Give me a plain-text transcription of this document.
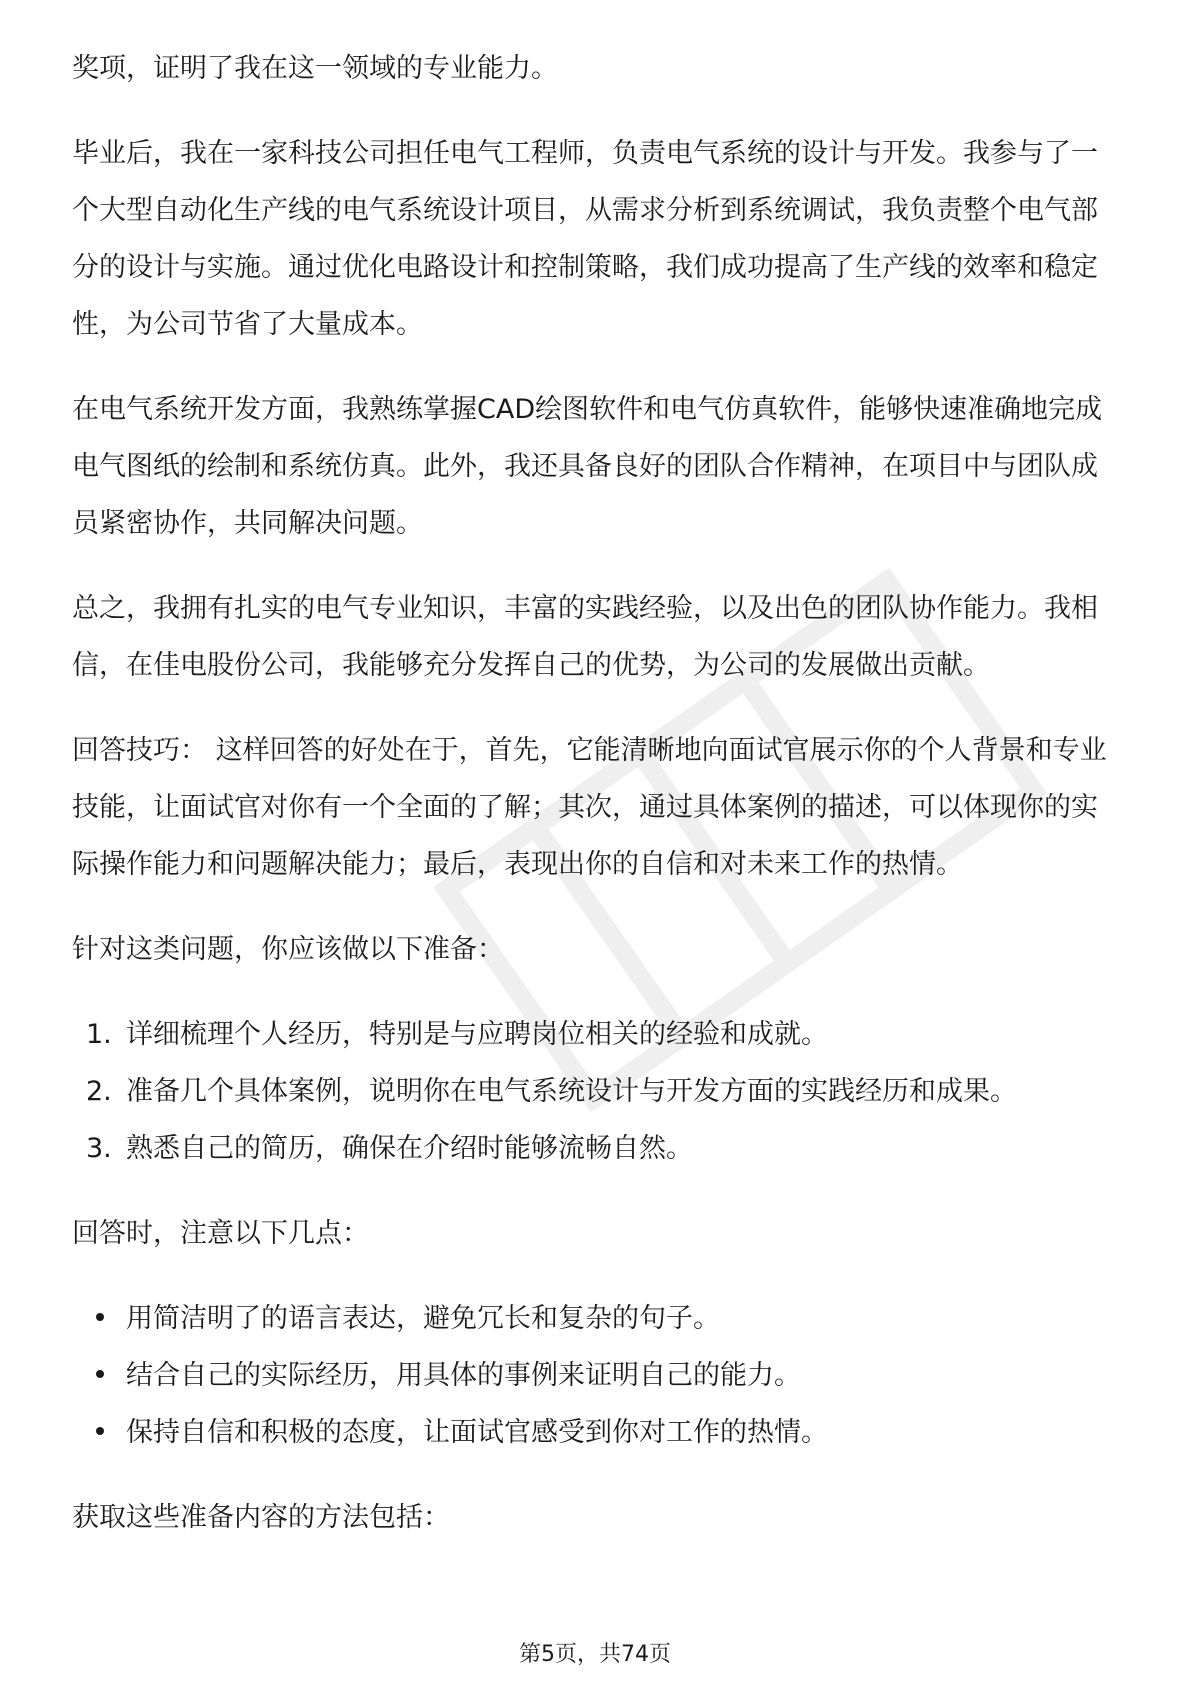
奖项，证明了我在这一领域的专业能力。

毕业后，我在一家科技公司担任电气工程师，负责电气系统的设计与开发。我参与了一个大型自动化生产线的电气系统设计项目，从需求分析到系统调试，我负责整个电气部分的设计与实施。通过优化电路设计和控制策略，我们成功提高了生产线的效率和稳定性，为公司节省了大量成本。

在电气系统开发方面，我熟练掌握CAD绘图软件和电气仿真软件，能够快速准确地完成电气图纸的绘制和系统仿真。此外，我还具备良好的团队合作精神，在项目中与团队成员紧密协作，共同解决问题。

总之，我拥有扎实的电气专业知识，丰富的实践经验，以及出色的团队协作能力。我相信，在佳电股份公司，我能够充分发挥自己的优势，为公司的发展做出贡献。

回答技巧： 这样回答的好处在于，首先，它能清晰地向面试官展示你的个人背景和专业技能，让面试官对你有一个全面的了解；其次，通过具体案例的描述，可以体现你的实际操作能力和问题解决能力；最后，表现出你的自信和对未来工作的热情。

针对这类问题，你应该做以下准备：

1. 详细梳理个人经历，特别是与应聘岗位相关的经验和成就。
2. 准备几个具体案例，说明你在电气系统设计与开发方面的实践经历和成果。
3. 熟悉自己的简历，确保在介绍时能够流畅自然。

回答时，注意以下几点：

用简洁明了的语言表达，避免冗长和复杂的句子。
结合自己的实际经历，用具体的事例来证明自己的能力。
保持自信和积极的态度，让面试官感受到你对工作的热情。

获取这些准备内容的方法包括：

第5页，共74页
